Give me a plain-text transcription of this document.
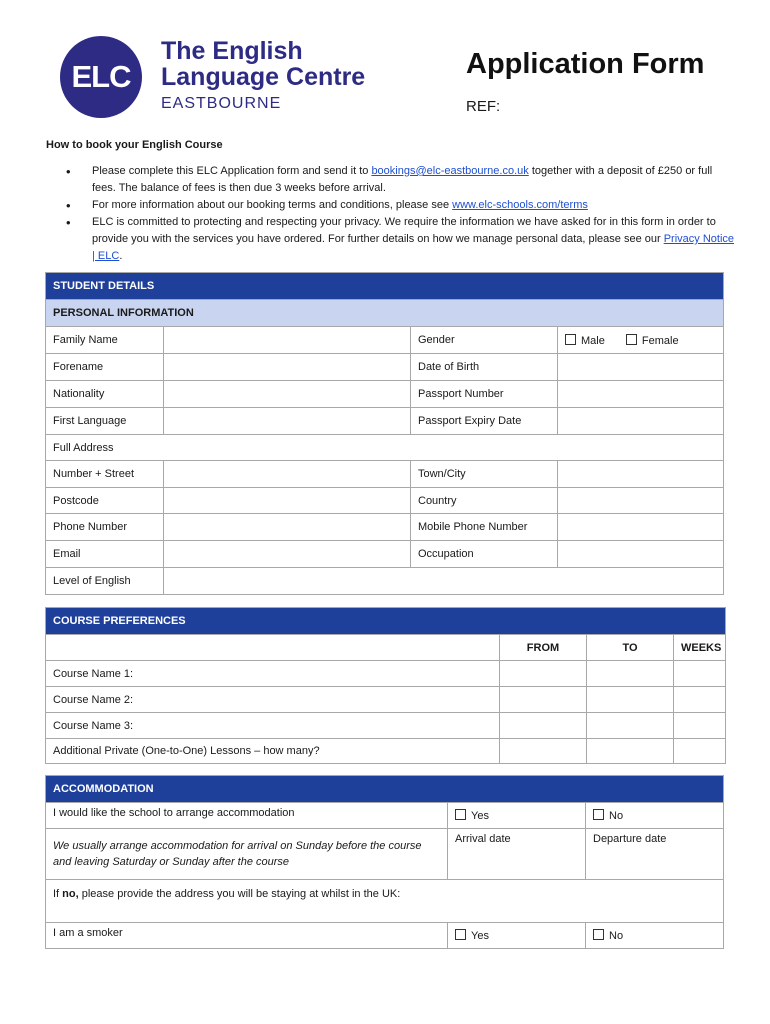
ELC
The English
Language Centre
EASTBOURNE
Application Form
REF:
How to book your English Course
• Please complete this ELC Application form and send it to bookings@elc-eastbourne.co.uk together with a deposit of £250 or full fees. The balance of fees is then due 3 weeks before arrival.
• For more information about our booking terms and conditions, please see www.elc-schools.com/terms
• ELC is committed to protecting and respecting your privacy. We require the information we have asked for in this form in order to provide you with the services you have ordered. For further details on how we manage personal data, please see our Privacy Notice | ELC.
STUDENT DETAILS			
PERSONAL INFORMATION			
Family Name		Gender	Male Female
Forename		Date of Birth	
Nationality		Passport Number	
First Language		Passport Expiry Date	
Full Address			
Number + Street		Town/City	
Postcode		Country	
Phone Number		Mobile Phone Number	
Email		Occupation	
Level of English			
COURSE PREFERENCES			
	FROM	TO	WEEKS
Course Name 1:			
Course Name 2:			
Course Name 3:			
Additional Private (One-to-One) Lessons – how many?			
ACCOMMODATION		
I would like the school to arrange accommodation	Yes	No
We usually arrange accommodation for arrival on Sunday before the course and leaving Saturday or Sunday after the course	Arrival date	Departure date
If no, please provide the address you will be staying at whilst in the UK:		
I am a smoker	Yes	No
